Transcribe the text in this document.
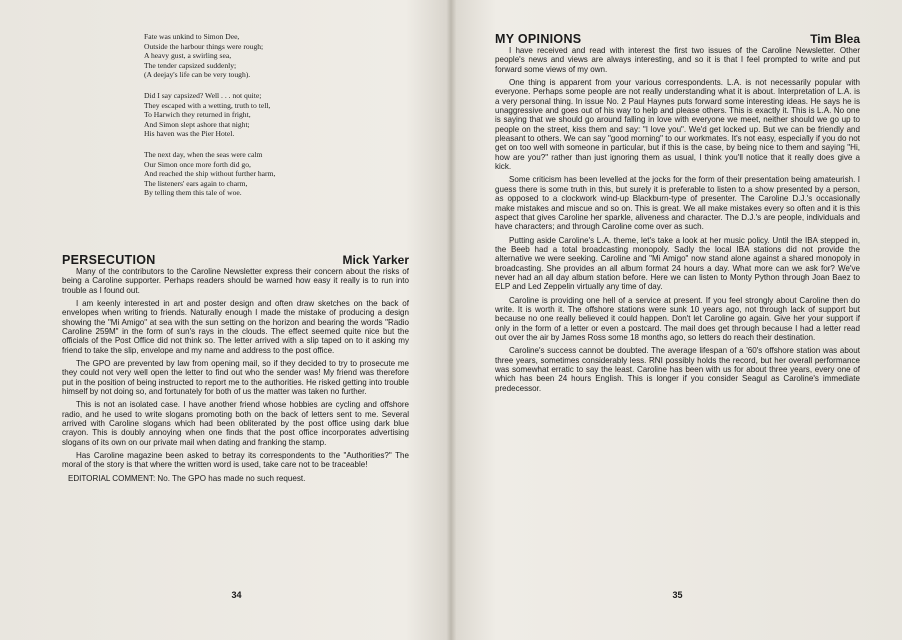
Fate was unkind to Simon Dee,
Outside the harbour things were rough;
A heavy gust, a swirling sea,
The tender capsized suddenly;
(A deejay's life can be very tough).
Did I say capsized? Well . . . not quite;
They escaped with a wetting, truth to tell,
To Harwich they returned in fright,
And Simon slept ashore that night;
His haven was the Pier Hotel.
The next day, when the seas were calm
Our Simon once more forth did go,
And reached the ship without further harm,
The listeners' ears again to charm,
By telling them this tale of woe.
PERSECUTION	Mick Yarker

Many of the contributors to the Caroline Newsletter express their concern about the risks of being a Caroline supporter. Perhaps readers should be warned how easy it really is to run into trouble as I found out.

I am keenly interested in art and poster design and often draw sketches on the back of envelopes when writing to friends. Naturally enough I made the mistake of producing a design showing the "Mi Amigo" at sea with the sun setting on the horizon and bearing the words "Radio Caroline 259M" in the form of sun's rays in the clouds. The effect seemed quite nice but the officials of the Post Office did not think so. The letter arrived with a slip taped on to it asking my friend to take the slip, envelope and my name and address to the post office.

The GPO are prevented by law from opening mail, so if they decided to try to prosecute me they could not very well open the letter to find out who the sender was! My friend was therefore put in the position of being instructed to report me to the authorities. He risked getting into trouble himself by not doing so, and fortunately for both of us the matter was taken no further.

This is not an isolated case. I have another friend whose hobbies are cycling and offshore radio, and he used to write slogans promoting both on the back of letters sent to me. Several arrived with Caroline slogans which had been obliterated by the post office using dark blue crayon. This is doubly annoying when one finds that the post office incorporates advertising slogans of its own on our private mail when dating and franking the stamp.

Has Caroline magazine been asked to betray its correspondents to the "Authorities?" The moral of the story is that where the written word is used, take care not to be traceable!

EDITORIAL COMMENT: No. The GPO has made no such request.

34
MY OPINIONS	Tim Blea

I have received and read with interest the first two issues of the Caroline Newsletter. Other people's news and views are always interesting, and so it is that I feel prompted to write and put forward some views of my own.

One thing is apparent from your various correspondents. L.A. is not necessarily popular with everyone. Perhaps some people are not really understanding what it is about. Interpretation of L.A. is a very personal thing. In issue No. 2 Paul Haynes puts forward some interesting ideas. He says he is unaggressive and goes out of his way to help and please others. This is exactly it. This is L.A. No one is saying that we should go around falling in love with everyone we meet, neither should we go up to people on the street, kiss them and say: "I love you". We'd get locked up. But we can be friendly and pleasant to others. We can say "good morning" to our workmates. It's not easy, especially if you do not get on too well with someone in particular, but if this is the case, by being nice to them and saying "Hi, how are you?" rather than just ignoring them as usual, I think you'll notice that it really does give a kick.

Some criticism has been levelled at the jocks for the form of their presentation being amateurish. I guess there is some truth in this, but surely it is preferable to listen to a show presented by a person, as opposed to a clockwork wind-up Blackburn-type of presenter. The Caroline D.J.'s occasionally make mistakes and miscue and so on. This is great. We all make mistakes every so often and it is this aspect that gives Caroline her sparkle, aliveness and character. The D.J.'s are people, individuals and have characters; and through Caroline come over as such.

Putting aside Caroline's L.A. theme, let's take a look at her music policy. Until the IBA stepped in, the Beeb had a total broadcasting monopoly. Sadly the local IBA stations did not provide the alternative we were seeking. Caroline and "Mi Amigo" now stand alone against a shared monopoly in broadcasting. She provides an all album format 24 hours a day. What more can we ask for? We've never had an all day album station before. Here we can listen to Monty Python through Joan Baez to ELP and Led Zeppelin virtually any time of day.

Caroline is providing one hell of a service at present. If you feel strongly about Caroline then do write. It is worth it. The offshore stations were sunk 10 years ago, not through lack of support but because no one really believed it could happen. Don't let Caroline go again. Give her your support if only in the form of a letter or even a postcard. The mail does get through because I had a letter read out over the air by James Ross some 18 months ago, so letters do reach their destination.

Caroline's success cannot be doubted. The average lifespan of a '60's offshore station was about three years, sometimes considerably less. RNI possibly holds the record, but her overall performance was somewhat erratic to say the least. Caroline has been with us for about three years, every one of which has been 24 hours English. This is longer if you consider Seagul as Caroline's immediate predecessor.

35
